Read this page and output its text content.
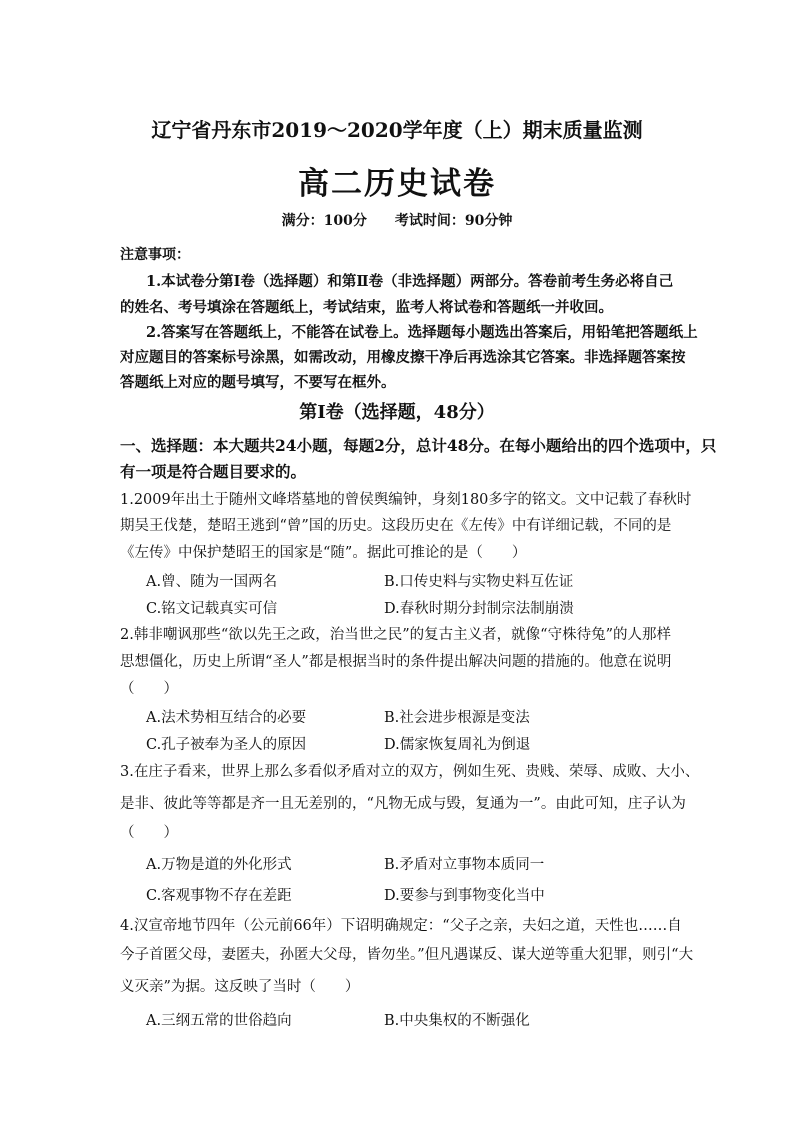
辽宁省丹东市2019～2020学年度（上）期末质量监测
高二历史试卷
满分：100分　　考试时间：90分钟
注意事项：
1.本试卷分第Ⅰ卷（选择题）和第Ⅱ卷（非选择题）两部分。答卷前考生务必将自己
的姓名、考号填涂在答题纸上，考试结束，监考人将试卷和答题纸一并收回。
2.答案写在答题纸上，不能答在试卷上。选择题每小题选出答案后，用铅笔把答题纸上
对应题目的答案标号涂黑，如需改动，用橡皮擦干净后再选涂其它答案。非选择题答案按
答题纸上对应的题号填写，不要写在框外。
第Ⅰ卷（选择题，48分）
一、选择题：本大题共24小题，每题2分，总计48分。在每小题给出的四个选项中，只
有一项是符合题目要求的。
1.2009年出土于随州文峰塔墓地的曾侯舆编钟，身刻180多字的铭文。文中记载了春秋时
期吴王伐楚，楚昭王逃到“曾”国的历史。这段历史在《左传》中有详细记载，不同的是
《左传》中保护楚昭王的国家是“随”。据此可推论的是（　　）
A.曾、随为一国两名	B.口传史料与实物史料互佐证
C.铭文记载真实可信	D.春秋时期分封制宗法制崩溃
2.韩非嘲讽那些“欲以先王之政，治当世之民”的复古主义者，就像“守株待兔”的人那样
思想僵化，历史上所谓“圣人”都是根据当时的条件提出解决问题的措施的。他意在说明
（　　）
A.法术势相互结合的必要	B.社会进步根源是变法
C.孔子被奉为圣人的原因	D.儒家恢复周礼为倒退
3.在庄子看来，世界上那么多看似矛盾对立的双方，例如生死、贵贱、荣辱、成败、大小、
是非、彼此等等都是齐一且无差别的，“凡物无成与毁，复通为一”。由此可知，庄子认为
（　　）
A.万物是道的外化形式	B.矛盾对立事物本质同一
C.客观事物不存在差距	D.要参与到事物变化当中
4.汉宣帝地节四年（公元前66年）下诏明确规定：“父子之亲，夫妇之道，天性也……自
今子首匿父母，妻匿夫，孙匿大父母，皆勿坐。”但凡遇谋反、谋大逆等重大犯罪，则引“大
义灭亲”为据。这反映了当时（　　）
A.三纲五常的世俗趋向	B.中央集权的不断强化
